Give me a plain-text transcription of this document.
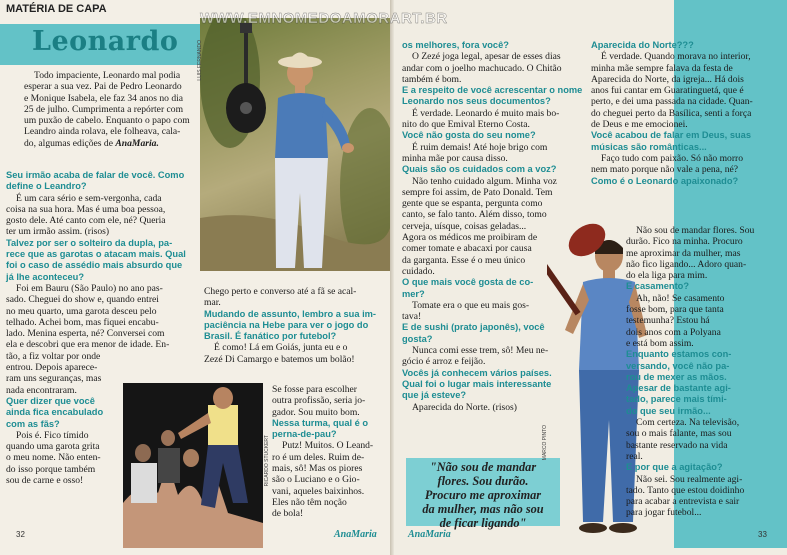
MATÉRIA DE CAPA
Leonardo	LUIS FERNANDO

Todo impaciente, Leonardo mal podia
esperar a sua vez. Pai de Pedro Leonardo
e Monique Isabela, ele faz 34 anos no dia
25 de julho. Cumprimenta a repórter com
um puxão de cabelo. Enquanto o papo com
Leandro ainda rolava, ele folheava, cala-
do, algumas edições de AnaMaria.

Seu irmão acaba de falar de você. Como
define o Leandro?

É um cara sério e sem-vergonha, cada
coisa na sua hora. Mas é uma boa pessoa,
gosto dele. Até canto com ele, né? Queria
ter um irmão assim. (risos)

Talvez por ser o solteiro da dupla, pa-
rece que as garotas o atacam mais. Qual
foi o caso de assédio mais absurdo que
já lhe aconteceu?

Foi em Bauru (São Paulo) no ano pas-
sado. Cheguei do show e, quando entrei
no meu quarto, uma garota desceu pelo
telhado. Achei bom, mas fiquei encabu-
lado. Menina esperta, né? Conversei com
ela e descobri que era menor de idade. En-
tão, a fiz voltar por onde
entrou. Depois aparece-
ram uns seguranças, mas
nada encontraram.

Quer dizer que você
ainda fica encabulado
com as fãs?

Pois é. Fico tímido
quando uma garota grita
o meu nome. Não enten-
do isso porque também
sou de carne e osso!	RICARDO STUCKERT

Chego perto e converso até a fã se acal-
mar.

Mudando de assunto, lembro a sua im-
paciência na Hebe para ver o jogo do
Brasil. É fanático por futebol?

É como! Lá em Goiás, junta eu e o
Zezé Di Camargo e batemos um bolão!

Se fosse para escolher
outra profissão, seria jo-
gador. Sou muito bom.

Nessa turma, qual é o
perna-de-pau?

Putz! Muitos. O Leand-
ro é um deles. Ruim de-
mais, sô! Mas os piores
são o Luciano e o Gio-
vani, aqueles baixinhos.
Eles não têm noção
de bola!

32	AnaMaria

os melhores, fora você?

O Zezé joga legal, apesar de esses dias
andar com o joelho machucado. O Chitão
também é bom.

E a respeito de você acrescentar o nome
Leonardo nos seus documentos?

É verdade. Leonardo é muito mais bo-
nito do que Emival Eterno Costa.

Você não gosta do seu nome?

É ruim demais! Até hoje brigo com
minha mãe por causa disso.

Quais são os cuidados com a voz?

Não tenho cuidado algum. Minha voz
sempre foi assim, de Pato Donald. Tem
gente que se espanta, pergunta como
canto, se falo tanto. Além disso, tomo
cerveja, uísque, coisas geladas...
Agora os médicos me proibiram de
comer tomate e abacaxi por causa
da garganta. Esse é o meu único
cuidado.

O que mais você gosta de co-
mer?

Tomate era o que eu mais gos-
tava!

E de sushi (prato japonês), você
gosta?

Nunca comi esse trem, sô! Meu ne-
gócio é arroz e feijão.

Vocês já conhecem vários países.
Qual foi o lugar mais interessante
que já esteve?

Aparecida do Norte. (risos)

"Não sou de mandar
flores. Sou durão.
Procuro me aproximar
da mulher, mas não sou
de ficar ligando"
MARCO PINTO

Aparecida do Norte???

É verdade. Quando morava no interior,
minha mãe sempre falava da festa de
Aparecida do Norte, da igreja... Há dois
anos fui cantar em Guaratinguetá, que é
perto, e dei uma passada na cidade. Quan-
do cheguei perto da Basílica, senti a força
de Deus e me emocionei.

Você acabou de falar em Deus, suas
músicas são românticas...

Faço tudo com paixão. Só não morro
nem mato porque não vale a pena, né?

Como é o Leonardo apaixonado?

Não sou de mandar flores. Sou
durão. Fico na minha. Procuro
me aproximar da mulher, mas
não fico ligando... Adoro quan-
do ela liga para mim.

E casamento?

Ah, não! Se casamento
fosse bom, para que tanta
testemunha? Estou há
dois anos com a Polyana
e está bom assim.

Enquanto estamos con-
versando, você não pa-
rou de mexer as mãos.
Apesar de bastante agi-
tado, parece mais tími-
do que seu irmão...

Com certeza. Na televisão,
sou o mais falante, mas sou
bastante reservado na vida
real.

E por que a agitação?

Não sei. Sou realmente agi-
tado. Tanto que estou doidinho
para acabar a entrevista e sair
para jogar futebol...

AnaMaria	33
WWW.EMNOMEDOAMORART.BR
